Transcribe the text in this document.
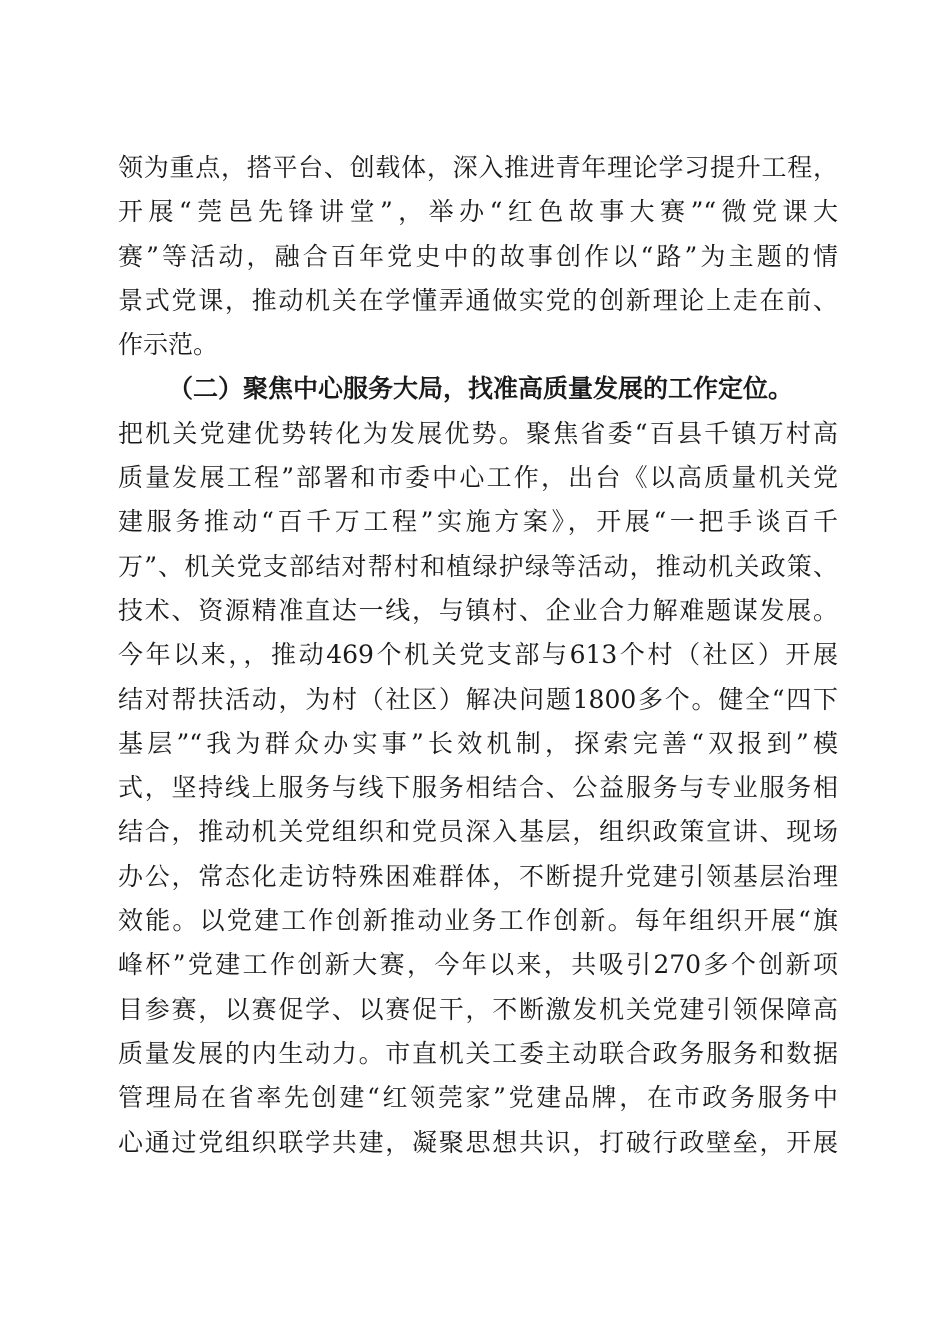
领为重点，搭平台、创载体，深入推进青年理论学习提升工程，
开展“莞邑先锋讲堂”，举办“红色故事大赛”“微党课大
赛”等活动，融合百年党史中的故事创作以“路”为主题的情
景式党课，推动机关在学懂弄通做实党的创新理论上走在前、
作示范。
（二）聚焦中心服务大局，找准高质量发展的工作定位。
把机关党建优势转化为发展优势。聚焦省委“百县千镇万村高
质量发展工程”部署和市委中心工作，出台《以高质量机关党
建服务推动“百千万工程”实施方案》，开展“一把手谈百千
万”、机关党支部结对帮村和植绿护绿等活动，推动机关政策、
技术、资源精准直达一线，与镇村、企业合力解难题谋发展。
今年以来，，推动469个机关党支部与613个村（社区）开展
结对帮扶活动，为村（社区）解决问题1800多个。健全“四下
基层”“我为群众办实事”长效机制，探索完善“双报到”模
式，坚持线上服务与线下服务相结合、公益服务与专业服务相
结合，推动机关党组织和党员深入基层，组织政策宣讲、现场
办公，常态化走访特殊困难群体，不断提升党建引领基层治理
效能。以党建工作创新推动业务工作创新。每年组织开展“旗
峰杯”党建工作创新大赛，今年以来，共吸引270多个创新项
目参赛，以赛促学、以赛促干，不断激发机关党建引领保障高
质量发展的内生动力。市直机关工委主动联合政务服务和数据
管理局在省率先创建“红领莞家”党建品牌，在市政务服务中
心通过党组织联学共建，凝聚思想共识，打破行政壁垒，开展
